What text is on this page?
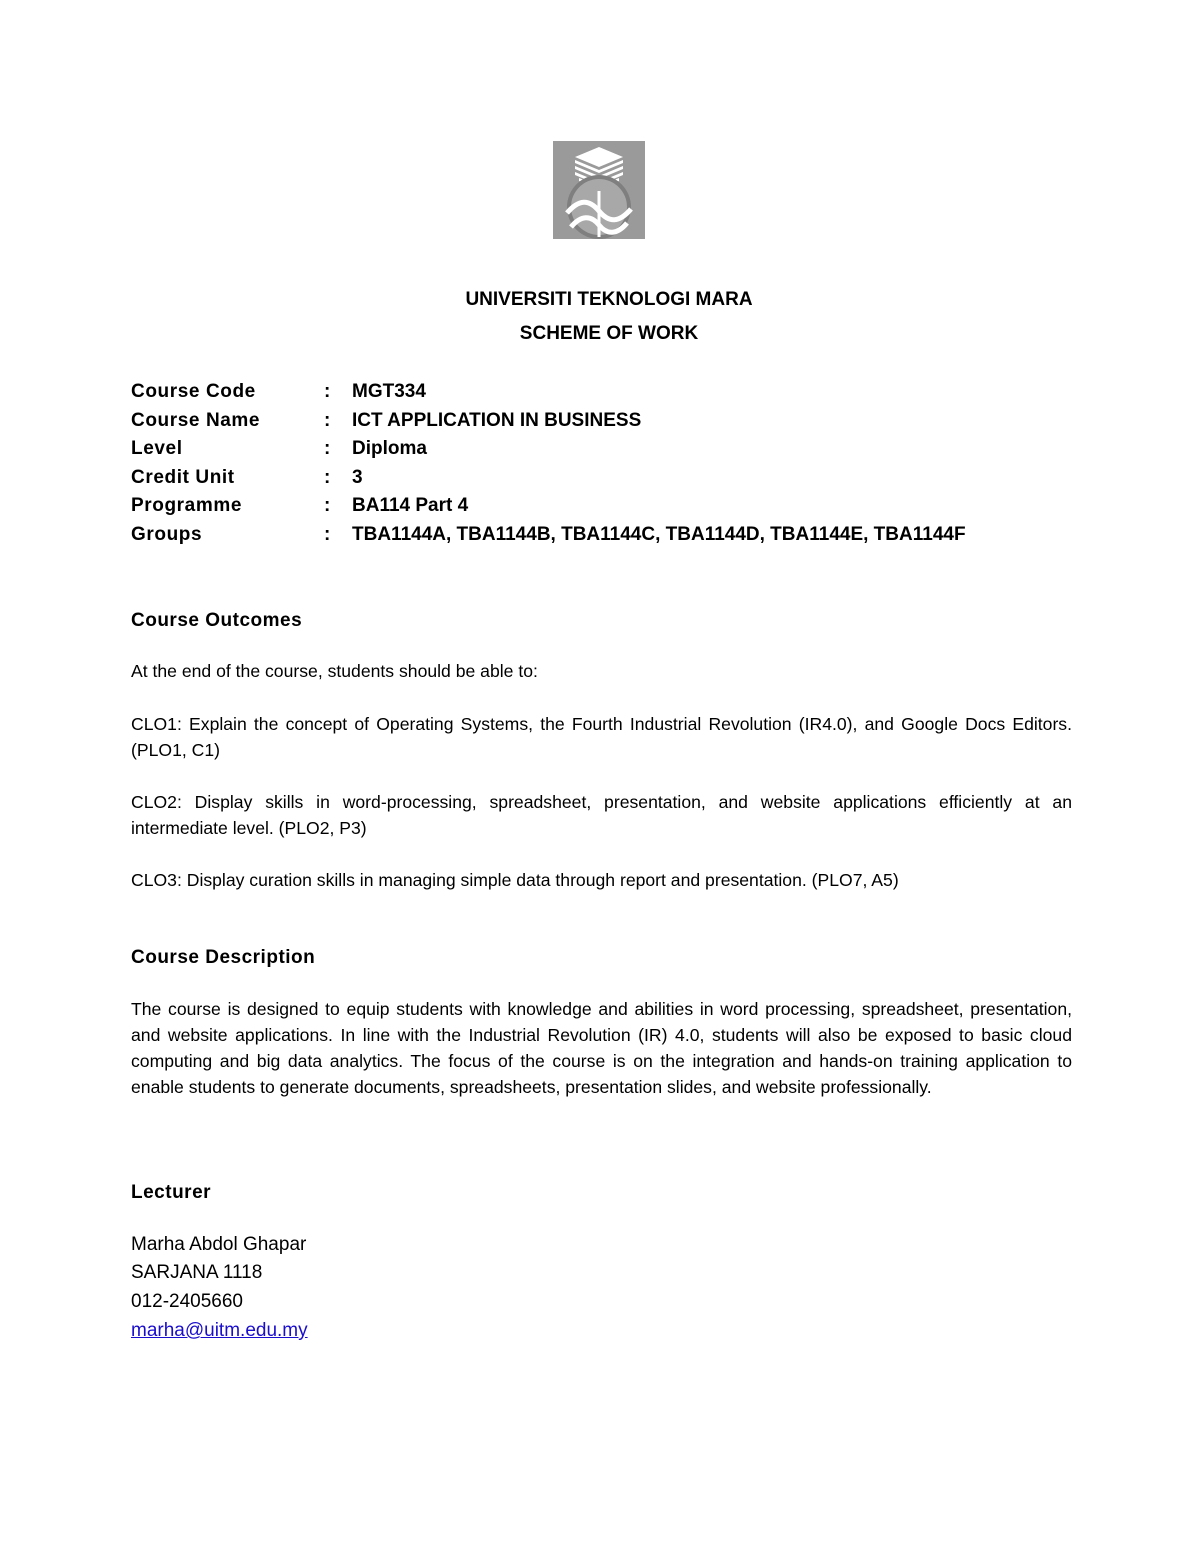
UNIVERSITI TEKNOLOGI MARA
SCHEME OF WORK
Course Code	: MGT334
Course Name	: ICT APPLICATION IN BUSINESS
Level	: Diploma
Credit Unit	: 3
Programme	: BA114 Part 4
Groups	: TBA1144A, TBA1144B, TBA1144C, TBA1144D, TBA1144E, TBA1144F
Course Outcomes
At the end of the course, students should be able to:
CLO1: Explain the concept of Operating Systems, the Fourth Industrial Revolution (IR4.0), and Google Docs Editors. (PLO1, C1)
CLO2: Display skills in word-processing, spreadsheet, presentation, and website applications efficiently at an intermediate level. (PLO2, P3)
CLO3: Display curation skills in managing simple data through report and presentation. (PLO7, A5)
Course Description
The course is designed to equip students with knowledge and abilities in word processing, spreadsheet, presentation, and website applications. In line with the Industrial Revolution (IR) 4.0, students will also be exposed to basic cloud computing and big data analytics. The focus of the course is on the integration and hands-on training application to enable students to generate documents, spreadsheets, presentation slides, and website professionally.
Lecturer
Marha Abdol Ghapar
SARJANA 1118
012-2405660
marha@uitm.edu.my
